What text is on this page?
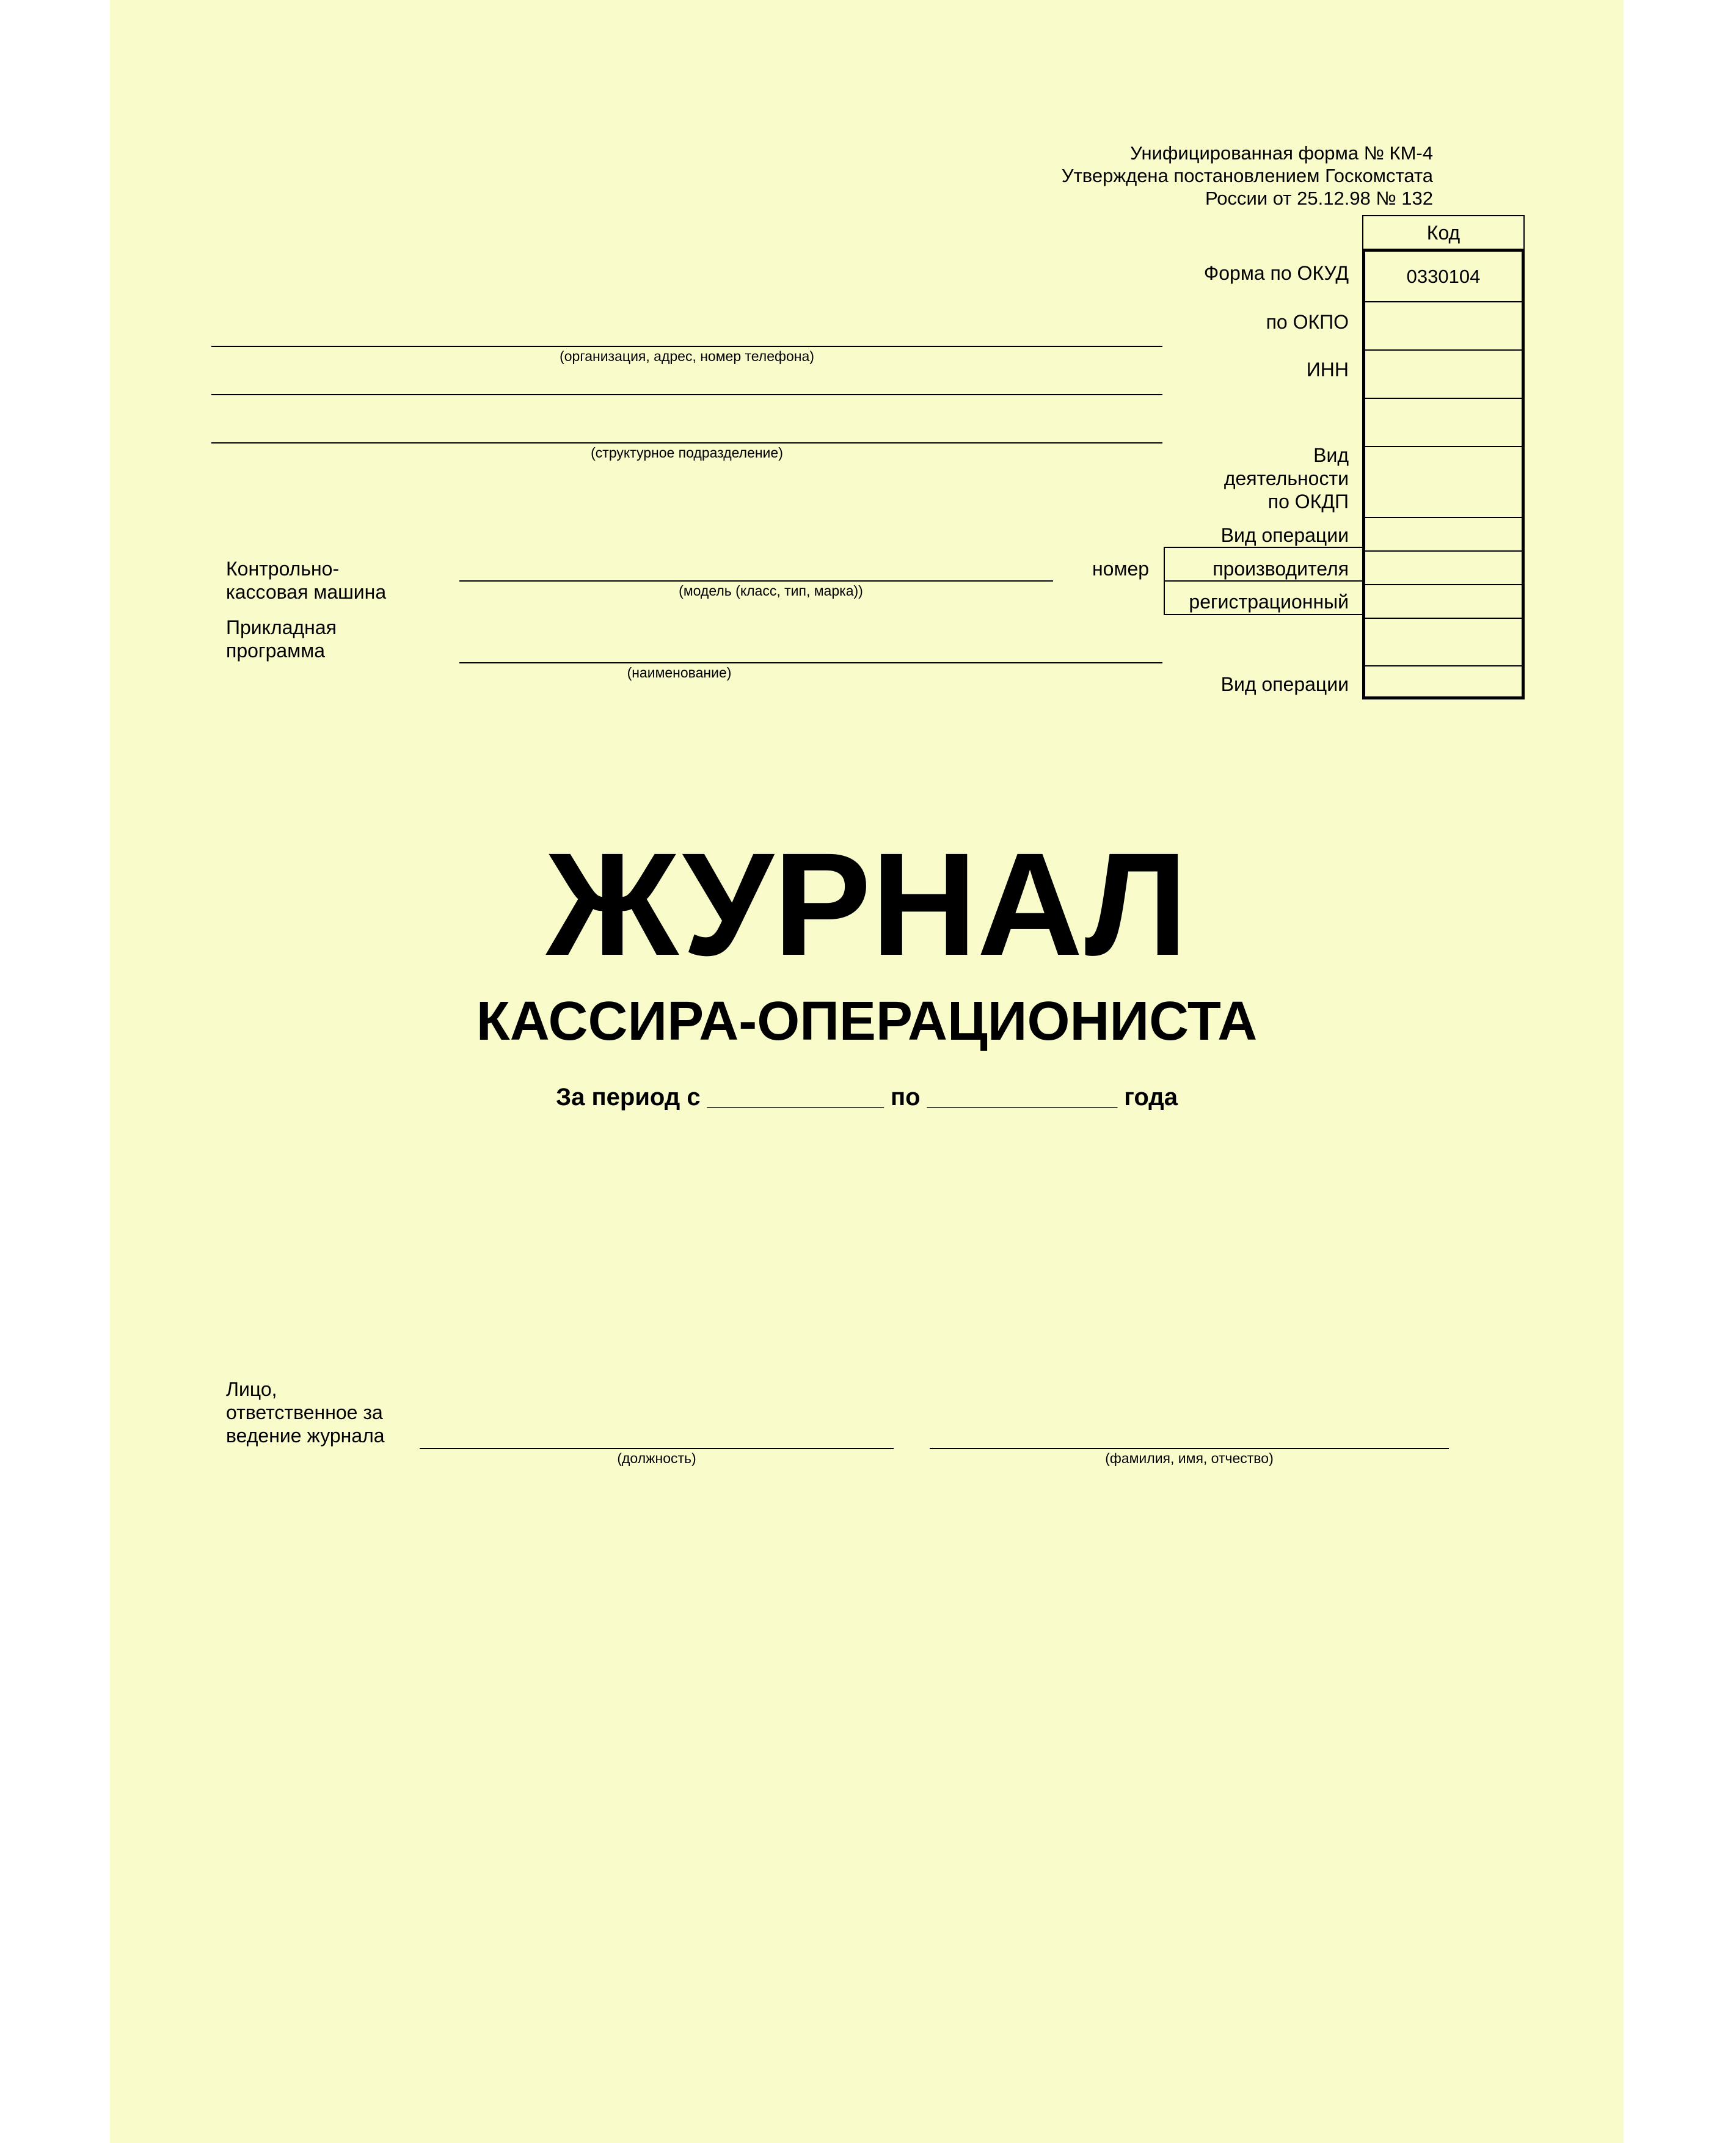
Унифицированная форма № КМ-4
Утверждена постановлением Госкомстата
России от 25.12.98 № 132
Код
0330104
Форма по ОКУД
по ОКПО
ИНН
Вид
деятельности
по ОКДП
Вид операции
производителя
регистрационный
номер
Вид операции
(организация, адрес, номер телефона)
(структурное подразделение)
Контрольно-
кассовая машина	(модель (класс, тип, марка))
Прикладная
программа
(наименование)
ЖУРНАЛ
КАССИРА-ОПЕРАЦИОНИСТА
За период с _____________ по ______________ года
Лицо,
ответственное за
ведение журнала
(должность)	(фамилия, имя, отчество)
